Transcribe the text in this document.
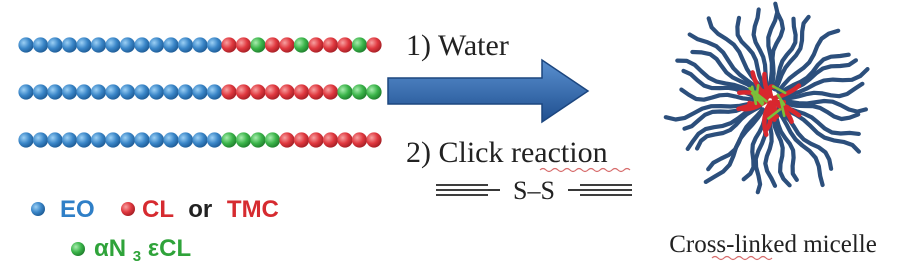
EO CL or TMC
αN $_3$ εCL
1) Water
2) Click reaction
S–S
Cross-linked micelle
